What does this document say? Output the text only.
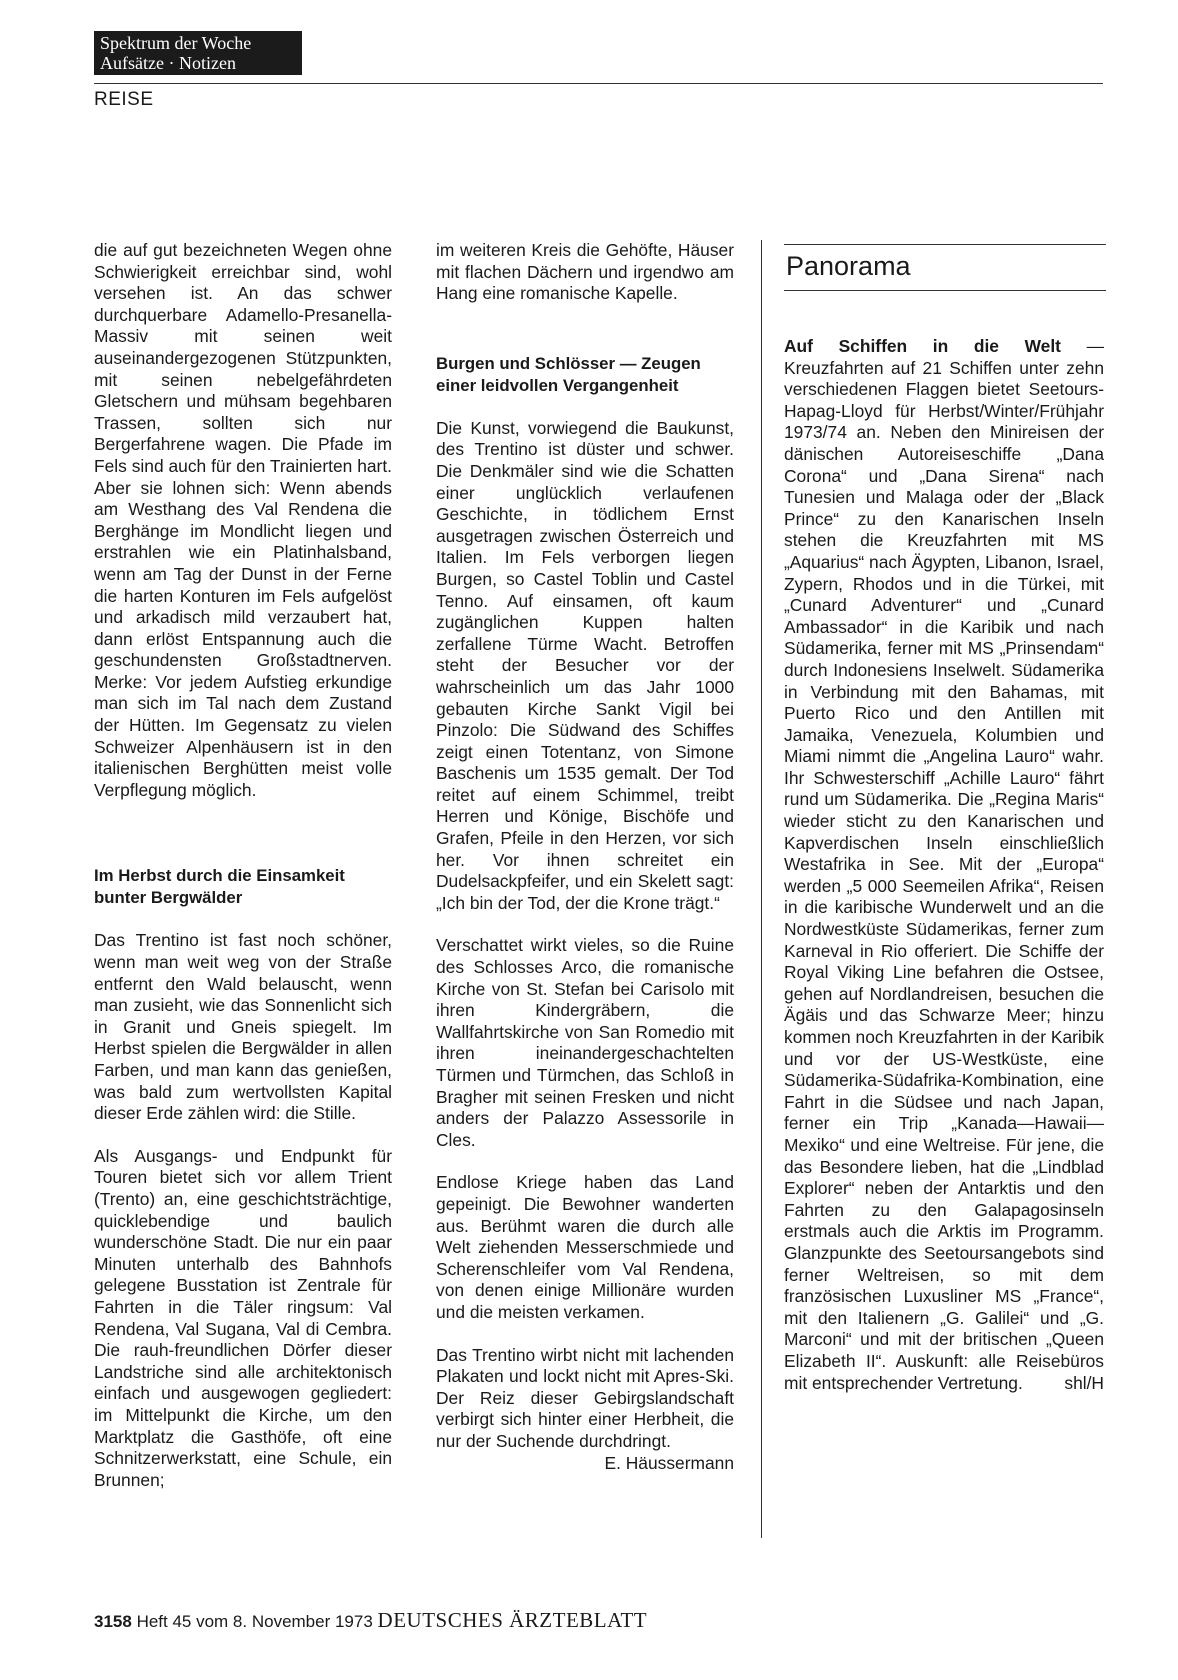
Spektrum der Woche
Aufsätze · Notizen
REISE

die auf gut bezeichneten Wegen ohne Schwierigkeit erreichbar sind, wohl versehen ist. An das schwer durchquerbare Adamello-Presanella-Massiv mit seinen weit auseinandergezogenen Stützpunkten, mit seinen nebelgefährdeten Gletschern und mühsam begehbaren Trassen, sollten sich nur Bergerfahrene wagen. Die Pfade im Fels sind auch für den Trainierten hart. Aber sie lohnen sich: Wenn abends am Westhang des Val Rendena die Berghänge im Mondlicht liegen und erstrahlen wie ein Platinhalsband, wenn am Tag der Dunst in der Ferne die harten Konturen im Fels aufgelöst und arkadisch mild verzaubert hat, dann erlöst Entspannung auch die geschundensten Großstadtnerven. Merke: Vor jedem Aufstieg erkundige man sich im Tal nach dem Zustand der Hütten. Im Gegensatz zu vielen Schweizer Alpenhäusern ist in den italienischen Berghütten meist volle Verpflegung möglich.

Im Herbst durch die Einsamkeit bunter Bergwälder

Das Trentino ist fast noch schöner, wenn man weit weg von der Straße entfernt den Wald belauscht, wenn man zusieht, wie das Sonnenlicht sich in Granit und Gneis spiegelt. Im Herbst spielen die Bergwälder in allen Farben, und man kann das genießen, was bald zum wertvollsten Kapital dieser Erde zählen wird: die Stille.

Als Ausgangs- und Endpunkt für Touren bietet sich vor allem Trient (Trento) an, eine geschichtsträchtige, quicklebendige und baulich wunderschöne Stadt. Die nur ein paar Minuten unterhalb des Bahnhofs gelegene Busstation ist Zentrale für Fahrten in die Täler ringsum: Val Rendena, Val Sugana, Val di Cembra. Die rauh-freundlichen Dörfer dieser Landstriche sind alle architektonisch einfach und ausgewogen gegliedert: im Mittelpunkt die Kirche, um den Marktplatz die Gasthöfe, oft eine Schnitzerwerkstatt, eine Schule, ein Brunnen;

im weiteren Kreis die Gehöfte, Häuser mit flachen Dächern und irgendwo am Hang eine romanische Kapelle.

Burgen und Schlösser — Zeugen einer leidvollen Vergangenheit

Die Kunst, vorwiegend die Baukunst, des Trentino ist düster und schwer. Die Denkmäler sind wie die Schatten einer unglücklich verlaufenen Geschichte, in tödlichem Ernst ausgetragen zwischen Österreich und Italien. Im Fels verborgen liegen Burgen, so Castel Toblin und Castel Tenno. Auf einsamen, oft kaum zugänglichen Kuppen halten zerfallene Türme Wacht. Betroffen steht der Besucher vor der wahrscheinlich um das Jahr 1000 gebauten Kirche Sankt Vigil bei Pinzolo: Die Südwand des Schiffes zeigt einen Totentanz, von Simone Baschenis um 1535 gemalt. Der Tod reitet auf einem Schimmel, treibt Herren und Könige, Bischöfe und Grafen, Pfeile in den Herzen, vor sich her. Vor ihnen schreitet ein Dudelsackpfeifer, und ein Skelett sagt: „Ich bin der Tod, der die Krone trägt.“

Verschattet wirkt vieles, so die Ruine des Schlosses Arco, die romanische Kirche von St. Stefan bei Carisolo mit ihren Kindergräbern, die Wallfahrtskirche von San Romedio mit ihren ineinandergeschachtelten Türmen und Türmchen, das Schloß in Bragher mit seinen Fresken und nicht anders der Palazzo Assessorile in Cles.

Endlose Kriege haben das Land gepeinigt. Die Bewohner wanderten aus. Berühmt waren die durch alle Welt ziehenden Messerschmiede und Scherenschleifer vom Val Rendena, von denen einige Millionäre wurden und die meisten verkamen.

Das Trentino wirbt nicht mit lachenden Plakaten und lockt nicht mit Apres-Ski. Der Reiz dieser Gebirgslandschaft verbirgt sich hinter einer Herbheit, die nur der Suchende durchdringt.
E. Häussermann

Panorama

Auf Schiffen in die Welt — Kreuzfahrten auf 21 Schiffen unter zehn verschiedenen Flaggen bietet Seetours-Hapag-Lloyd für Herbst/Winter/Frühjahr 1973/74 an. Neben den Minireisen der dänischen Autoreiseschiffe „Dana Corona“ und „Dana Sirena“ nach Tunesien und Malaga oder der „Black Prince“ zu den Kanarischen Inseln stehen die Kreuzfahrten mit MS „Aquarius“ nach Ägypten, Libanon, Israel, Zypern, Rhodos und in die Türkei, mit „Cunard Adventurer“ und „Cunard Ambassador“ in die Karibik und nach Südamerika, ferner mit MS „Prinsendam“ durch Indonesiens Inselwelt. Südamerika in Verbindung mit den Bahamas, mit Puerto Rico und den Antillen mit Jamaika, Venezuela, Kolumbien und Miami nimmt die „Angelina Lauro“ wahr. Ihr Schwesterschiff „Achille Lauro“ fährt rund um Südamerika. Die „Regina Maris“ wieder sticht zu den Kanarischen und Kapverdischen Inseln einschließlich Westafrika in See. Mit der „Europa“ werden „5 000 Seemeilen Afrika“, Reisen in die karibische Wunderwelt und an die Nordwestküste Südamerikas, ferner zum Karneval in Rio offeriert. Die Schiffe der Royal Viking Line befahren die Ostsee, gehen auf Nordlandreisen, besuchen die Ägäis und das Schwarze Meer; hinzu kommen noch Kreuzfahrten in der Karibik und vor der US-Westküste, eine Südamerika-Südafrika-Kombination, eine Fahrt in die Südsee und nach Japan, ferner ein Trip „Kanada—Hawaii—Mexiko“ und eine Weltreise. Für jene, die das Besondere lieben, hat die „Lindblad Explorer“ neben der Antarktis und den Fahrten zu den Galapagosinseln erstmals auch die Arktis im Programm. Glanzpunkte des Seetoursangebots sind ferner Weltreisen, so mit dem französischen Luxusliner MS „France“, mit den Italienern „G. Galilei“ und „G. Marconi“ und mit der britischen „Queen Elizabeth II“. Auskunft: alle Reisebüros mit entsprechender Vertretung. shl/H

3158 Heft 45 vom 8. November 1973 DEUTSCHES ÄRZTEBLATT
